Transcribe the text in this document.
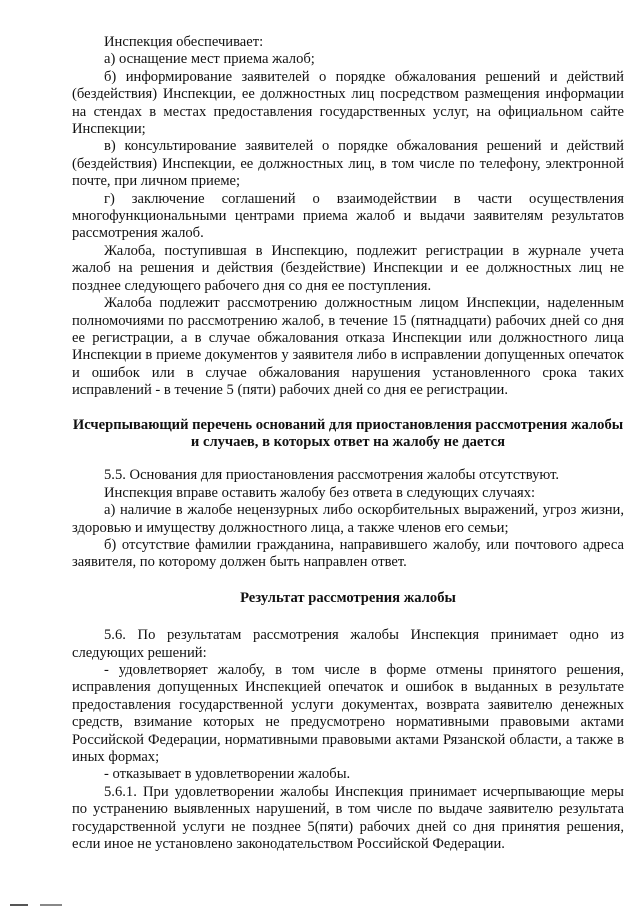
Инспекция обеспечивает:

а) оснащение мест приема жалоб;

б) информирование заявителей о порядке обжалования решений и действий (бездействия) Инспекции, ее должностных лиц посредством размещения информации на стендах в местах предоставления государственных услуг, на официальном сайте Инспекции;

в) консультирование заявителей о порядке обжалования решений и действий (бездействия) Инспекции, ее должностных лиц, в том числе по телефону, электронной почте, при личном приеме;

г) заключение соглашений о взаимодействии в части осуществления многофункциональными центрами приема жалоб и выдачи заявителям результатов рассмотрения жалоб.

Жалоба, поступившая в Инспекцию, подлежит регистрации в журнале учета жалоб на решения и действия (бездействие) Инспекции и ее должностных лиц не позднее следующего рабочего дня со дня ее поступления.

Жалоба подлежит рассмотрению должностным лицом Инспекции, наделенным полномочиями по рассмотрению жалоб, в течение 15 (пятнадцати) рабочих дней со дня ее регистрации, а в случае обжалования отказа Инспекции или должностного лица Инспекции в приеме документов у заявителя либо в исправлении допущенных опечаток и ошибок или в случае обжалования нарушения установленного срока таких исправлений - в течение 5 (пяти) рабочих дней со дня ее регистрации.

Исчерпывающий перечень оснований для приостановления рассмотрения жалобы и случаев, в которых ответ на жалобу не дается

5.5. Основания для приостановления рассмотрения жалобы отсутствуют.

Инспекция вправе оставить жалобу без ответа в следующих случаях:

а) наличие в жалобе нецензурных либо оскорбительных выражений, угроз жизни, здоровью и имуществу должностного лица, а также членов его семьи;

б) отсутствие фамилии гражданина, направившего жалобу, или почтового адреса заявителя, по которому должен быть направлен ответ.

Результат рассмотрения жалобы

5.6. По результатам рассмотрения жалобы Инспекция принимает одно из следующих решений:

- удовлетворяет жалобу, в том числе в форме отмены принятого решения, исправления допущенных Инспекцией опечаток и ошибок в выданных в результате предоставления государственной услуги документах, возврата заявителю денежных средств, взимание которых не предусмотрено нормативными правовыми актами Российской Федерации, нормативными правовыми актами Рязанской области, а также в иных формах;

- отказывает в удовлетворении жалобы.

5.6.1. При удовлетворении жалобы Инспекция принимает исчерпывающие меры по устранению выявленных нарушений, в том числе по выдаче заявителю результата государственной услуги не позднее 5(пяти) рабочих дней со дня принятия решения, если иное не установлено законодательством Российской Федерации.
